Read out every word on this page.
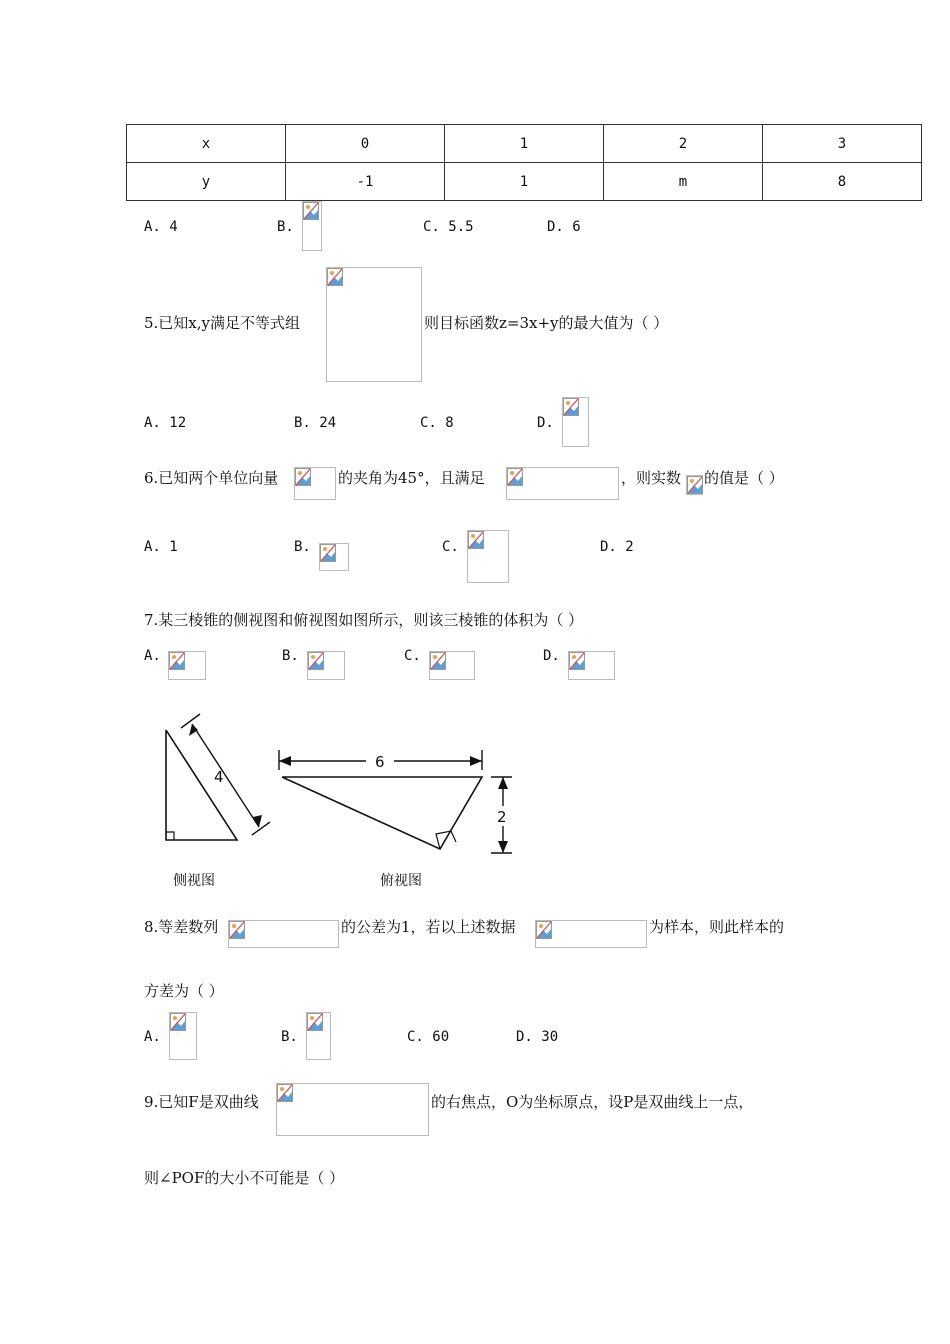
x	0	1	2	3
y	-1	1	m	8
A. 4	B.	C. 5.5	D. 6
5.已知x,y满足不等式组	则目标函数z=3x+y的最大值为（ ）
A. 12	B. 24	C. 8	D.
6.已知两个单位向量	的夹角为45°，且满足	，则实数 的值是（ ）
A. 1	B.	C.	D. 2
7.某三棱锥的侧视图和俯视图如图所示，则该三棱锥的体积为（ ）
A.	B.	C.	D.
4
侧视图
6
2
俯视图
8.等差数列	的公差为1，若以上述数据	为样本，则此样本的
方差为（ ）
A.	B.	C. 60	D. 30
9.已知F是双曲线	的右焦点，O为坐标原点，设P是双曲线上一点，
则∠POF的大小不可能是（ ）
